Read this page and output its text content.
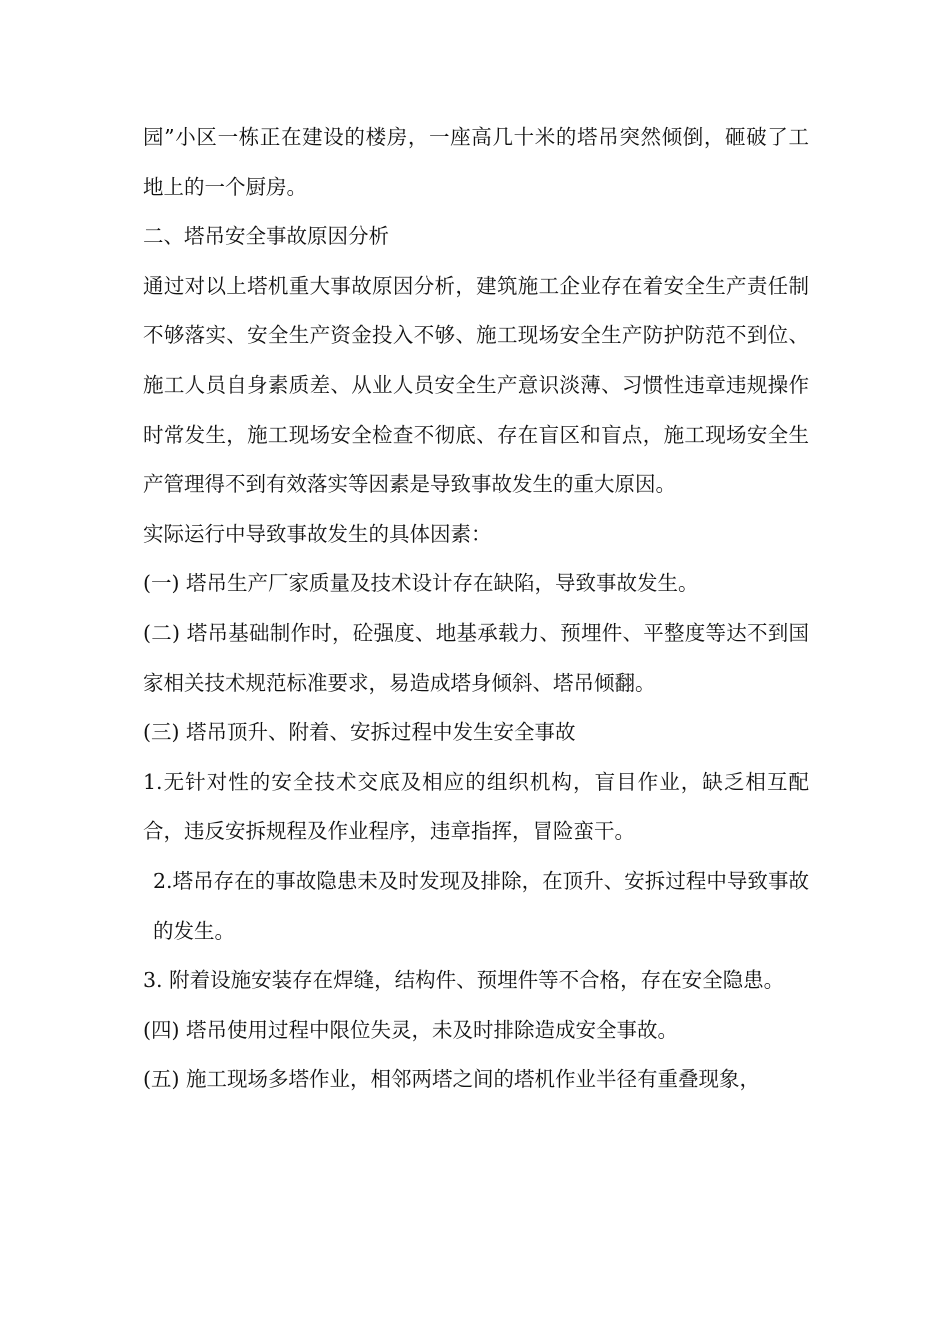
园”小区一栋正在建设的楼房，一座高几十米的塔吊突然倾倒，砸破了工地上的一个厨房。

二、塔吊安全事故原因分析

通过对以上塔机重大事故原因分析，建筑施工企业存在着安全生产责任制不够落实、安全生产资金投入不够、施工现场安全生产防护防范不到位、施工人员自身素质差、从业人员安全生产意识淡薄、习惯性违章违规操作时常发生，施工现场安全检查不彻底、存在盲区和盲点，施工现场安全生产管理得不到有效落实等因素是导致事故发生的重大原因。

实际运行中导致事故发生的具体因素：

(一) 塔吊生产厂家质量及技术设计存在缺陷，导致事故发生。

(二) 塔吊基础制作时，砼强度、地基承载力、预埋件、平整度等达不到国家相关技术规范标准要求，易造成塔身倾斜、塔吊倾翻。

(三) 塔吊顶升、附着、安拆过程中发生安全事故

1.无针对性的安全技术交底及相应的组织机构，盲目作业，缺乏相互配合，违反安拆规程及作业程序，违章指挥，冒险蛮干。

2.塔吊存在的事故隐患未及时发现及排除，在顶升、安拆过程中导致事故的发生。

3. 附着设施安装存在焊缝，结构件、预埋件等不合格，存在安全隐患。

(四) 塔吊使用过程中限位失灵，未及时排除造成安全事故。

(五) 施工现场多塔作业，相邻两塔之间的塔机作业半径有重叠现象，
